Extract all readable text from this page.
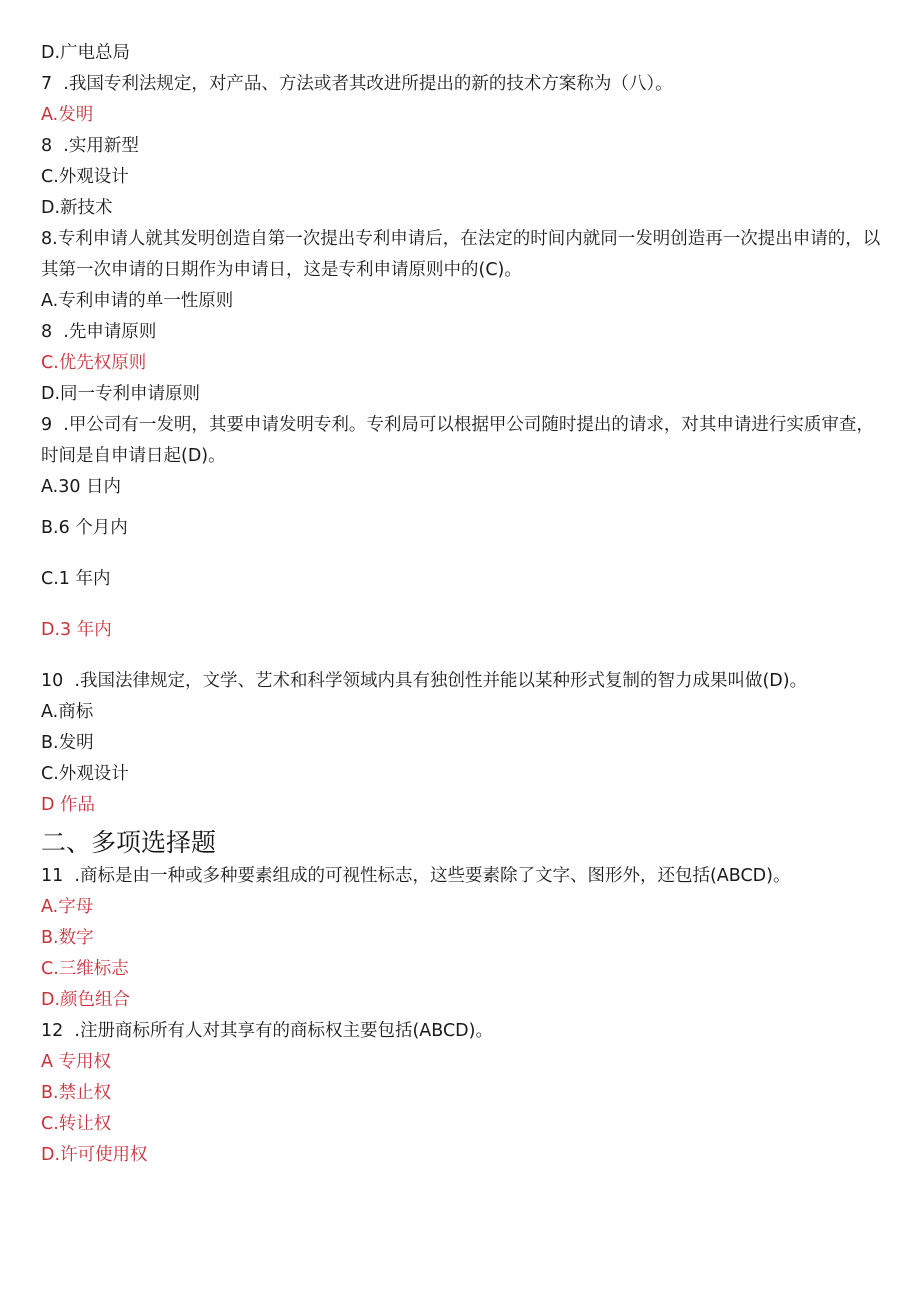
D.广电总局
7  .我国专利法规定，对产品、方法或者其改进所提出的新的技术方案称为（八）。
A.发明
8  .实用新型
C.外观设计
D.新技术
8.专利申请人就其发明创造自第一次提出专利申请后，在法定的时间内就同一发明创造再一次提出申请的，以其第一次申请的日期作为申请日，这是专利申请原则中的(C)。
A.专利申请的单一性原则
8  .先申请原则
C.优先权原则
D.同一专利申请原则
9  .甲公司有一发明，其要申请发明专利。专利局可以根据甲公司随时提出的请求，对其申请进行实质审查，时间是自申请日起(D)。
A.30 日内
B.6 个月内
C.1 年内
D.3 年内
10  .我国法律规定，文学、艺术和科学领域内具有独创性并能以某种形式复制的智力成果叫做(D)。
A.商标
B.发明
C.外观设计
D 作品
二、多项选择题
11  .商标是由一种或多种要素组成的可视性标志，这些要素除了文字、图形外，还包括(ABCD)。
A.字母
B.数字
C.三维标志
D.颜色组合
12  .注册商标所有人对其享有的商标权主要包括(ABCD)。
A 专用权
B.禁止权
C.转让权
D.许可使用权
